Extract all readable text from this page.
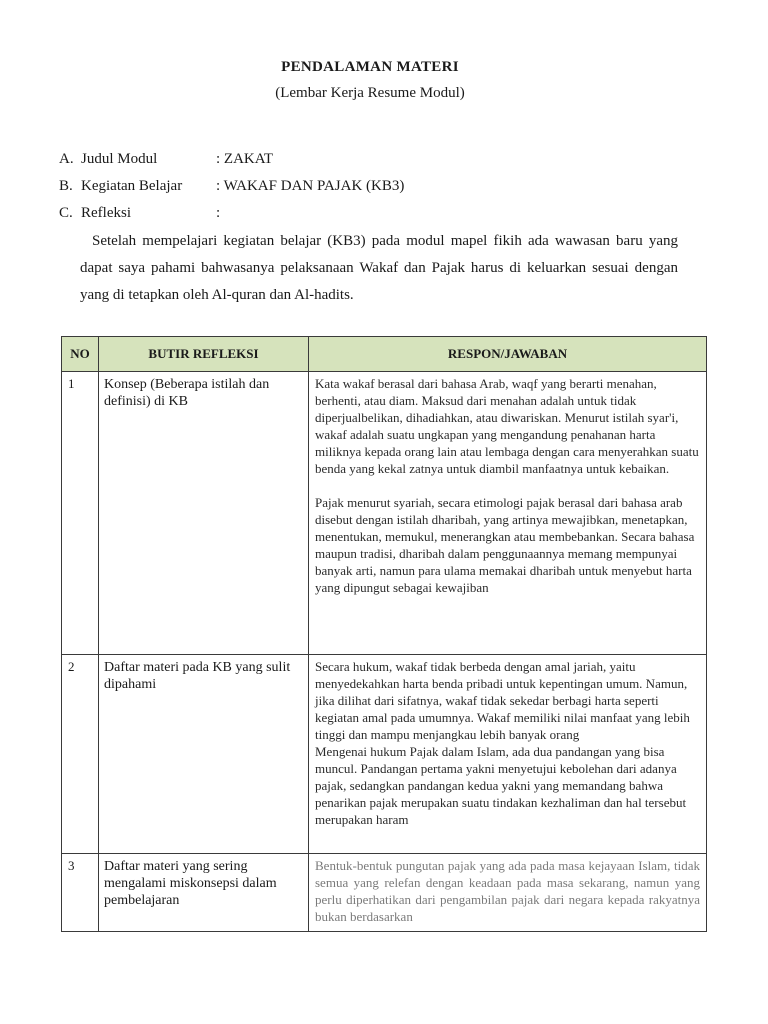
PENDALAMAN MATERI
(Lembar Kerja Resume Modul)
A. Judul Modul	: ZAKAT
B. Kegiatan Belajar	: WAKAF DAN PAJAK (KB3)
C. Refleksi	:
Setelah mempelajari kegiatan belajar (KB3) pada modul mapel fikih ada wawasan baru yang dapat saya pahami bahwasanya pelaksanaan Wakaf dan Pajak harus di keluarkan sesuai dengan yang di tetapkan oleh Al-quran dan Al-hadits.
NO	BUTIR REFLEKSI	RESPON/JAWABAN
1	Konsep (Beberapa istilah dan definisi) di KB	Kata wakaf berasal dari bahasa Arab, waqf yang berarti menahan, berhenti, atau diam. Maksud dari menahan adalah untuk tidak diperjualbelikan, dihadiahkan, atau diwariskan. Menurut istilah syar'i, wakaf adalah suatu ungkapan yang mengandung penahanan harta miliknya kepada orang lain atau lembaga dengan cara menyerahkan suatu benda yang kekal zatnya untuk diambil manfaatnya untuk kebaikan.
Pajak menurut syariah, secara etimologi pajak berasal dari bahasa arab disebut dengan istilah dharibah, yang artinya mewajibkan, menetapkan, menentukan, memukul, menerangkan atau membebankan. Secara bahasa maupun tradisi, dharibah dalam penggunaannya memang mempunyai banyak arti, namun para ulama memakai dharibah untuk menyebut harta yang dipungut sebagai kewajiban

2	Daftar materi pada KB yang sulit dipahami	Secara hukum, wakaf tidak berbeda dengan amal jariah, yaitu menyedekahkan harta benda pribadi untuk kepentingan umum. Namun, jika dilihat dari sifatnya, wakaf tidak sekedar berbagi harta seperti kegiatan amal pada umumnya. Wakaf memiliki nilai manfaat yang lebih tinggi dan mampu menjangkau lebih banyak orang
Mengenai hukum Pajak dalam Islam, ada dua pandangan yang bisa muncul. Pandangan pertama yakni menyetujui kebolehan dari adanya pajak, sedangkan pandangan kedua yakni yang memandang bahwa penarikan pajak merupakan suatu tindakan kezhaliman dan hal tersebut merupakan haram

3	Daftar materi yang sering mengalami miskonsepsi dalam pembelajaran	Bentuk-bentuk pungutan pajak yang ada pada masa kejayaan Islam, tidak semua yang relefan dengan keadaan pada masa sekarang, namun yang perlu diperhatikan dari pengambilan pajak dari negara kepada rakyatnya bukan berdasarkan
